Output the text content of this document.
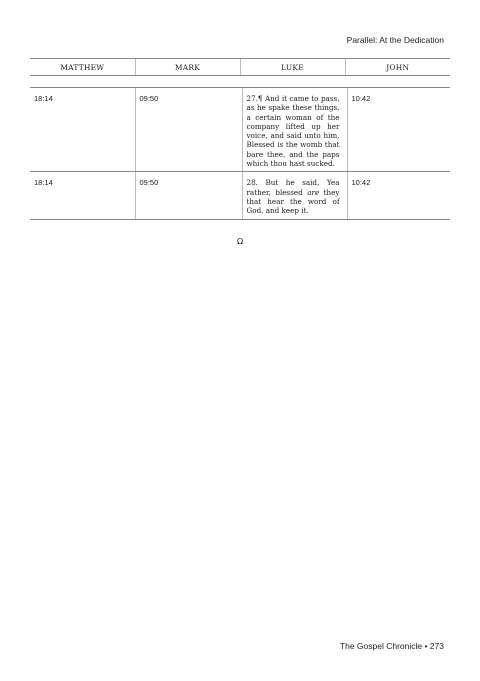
Parallel: At the Dedication
MATTHEW	MARK	LUKE	JOHN
18:14	09:50	27.¶ And it came to pass, as he spake these things, a certain woman of the company lifted up her voice, and said unto him, Blessed is the womb that bare thee, and the paps which thou hast sucked.	10:42
18:14	09:50	28. But he said, Yea rather, blessed are they that hear the word of God, and keep it.	10:42
Ω
The Gospel Chronicle • 273
